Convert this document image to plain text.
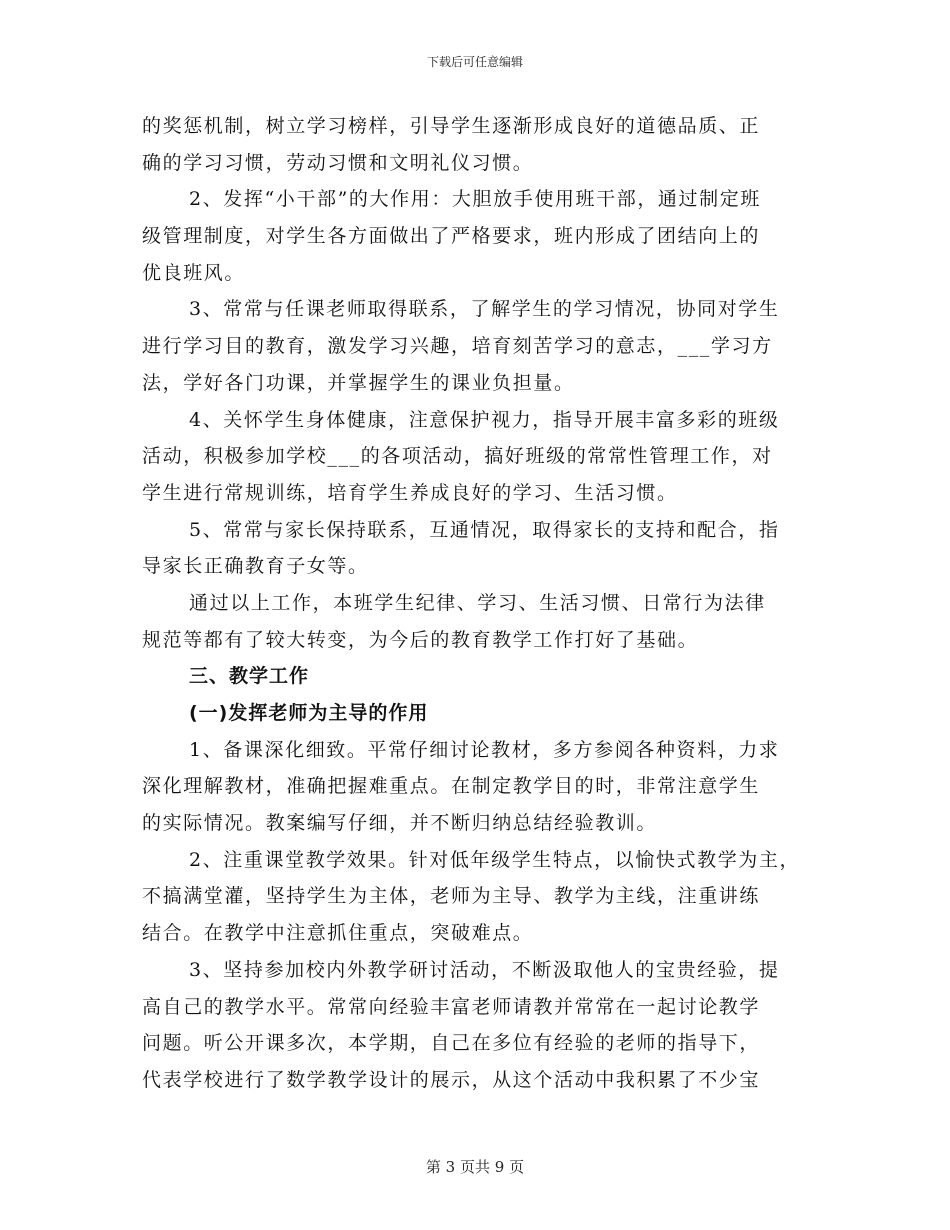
下载后可任意编辑
的奖惩机制，树立学习榜样，引导学生逐渐形成良好的道德品质、正
确的学习习惯，劳动习惯和文明礼仪习惯。
2、发挥“小干部”的大作用：大胆放手使用班干部，通过制定班
级管理制度，对学生各方面做出了严格要求，班内形成了团结向上的
优良班风。
3、常常与任课老师取得联系，了解学生的学习情况，协同对学生
进行学习目的教育，激发学习兴趣，培育刻苦学习的意志，___学习方
法，学好各门功课，并掌握学生的课业负担量。
4、关怀学生身体健康，注意保护视力，指导开展丰富多彩的班级
活动，积极参加学校___的各项活动，搞好班级的常常性管理工作，对
学生进行常规训练，培育学生养成良好的学习、生活习惯。
5、常常与家长保持联系，互通情况，取得家长的支持和配合，指
导家长正确教育子女等。
通过以上工作，本班学生纪律、学习、生活习惯、日常行为法律
规范等都有了较大转变，为今后的教育教学工作打好了基础。
三、教学工作
(一)发挥老师为主导的作用
1、备课深化细致。平常仔细讨论教材，多方参阅各种资料，力求
深化理解教材，准确把握难重点。在制定教学目的时，非常注意学生
的实际情况。教案编写仔细，并不断归纳总结经验教训。
2、注重课堂教学效果。针对低年级学生特点，以愉快式教学为主，
不搞满堂灌，坚持学生为主体，老师为主导、教学为主线，注重讲练
结合。在教学中注意抓住重点，突破难点。
3、坚持参加校内外教学研讨活动，不断汲取他人的宝贵经验，提
高自己的教学水平。常常向经验丰富老师请教并常常在一起讨论教学
问题。听公开课多次，本学期，自己在多位有经验的老师的指导下，
代表学校进行了数学教学设计的展示，从这个活动中我积累了不少宝
第 3 页共 9 页
